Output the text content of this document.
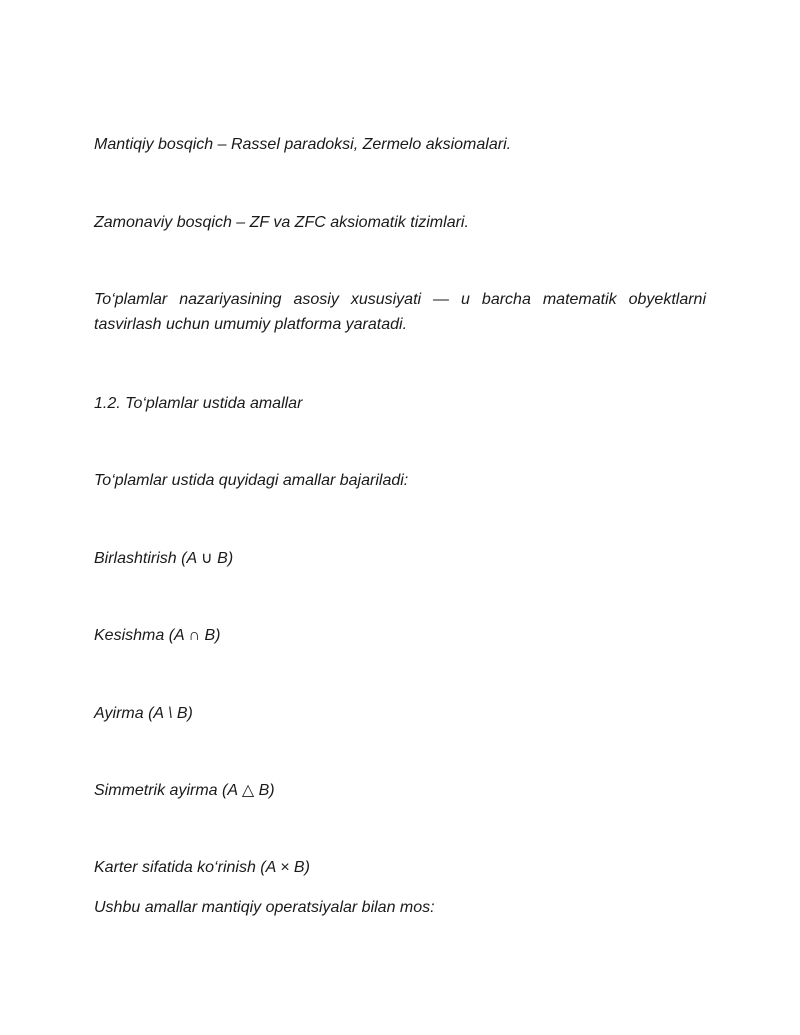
Mantiqiy bosqich – Rassel paradoksi, Zermelo aksiomalari.

Zamonaviy bosqich – ZF va ZFC aksiomatik tizimlari.

To‘plamlar nazariyasining asosiy xususiyati — u barcha matematik obyektlarni tasvirlash uchun umumiy platforma yaratadi.

1.2. To‘plamlar ustida amallar

To‘plamlar ustida quyidagi amallar bajariladi:

Birlashtirish (A ∪ B)

Kesishma (A ∩ B)

Ayirma (A \ B)

Simmetrik ayirma (A △ B)

Karter sifatida ko‘rinish (A × B)

Ushbu amallar mantiqiy operatsiyalar bilan mos:
